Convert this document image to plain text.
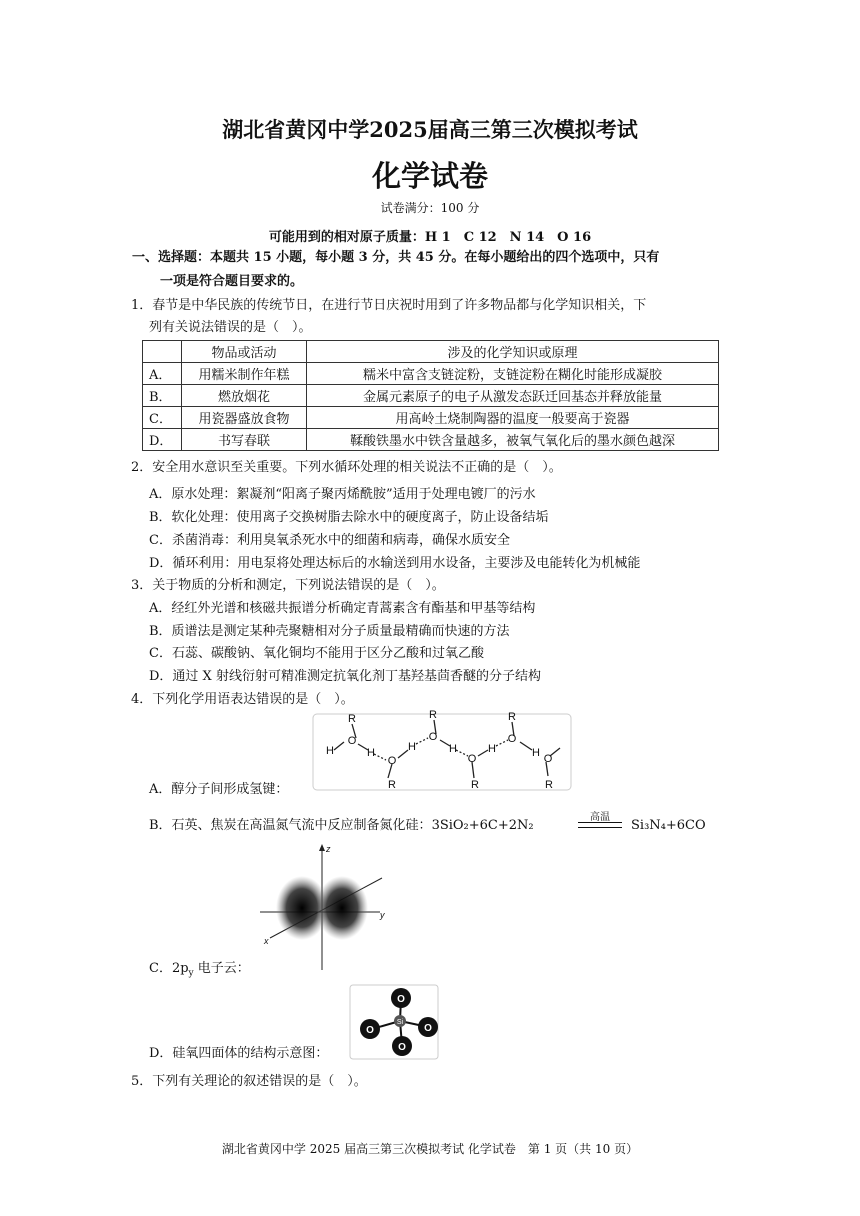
湖北省黄冈中学2025届高三第三次模拟考试
化学试卷
试卷满分：100 分
可能用到的相对原子质量：H 1　C 12　N 14　O 16
一、选择题：本题共 15 小题，每小题 3 分，共 45 分。在每小题给出的四个选项中，只有
一项是符合题目要求的。
1．春节是中华民族的传统节日，在进行节日庆祝时用到了许多物品都与化学知识相关，下
列有关说法错误的是（　）。
	物品或活动	涉及的化学知识或原理
A．	用糯米制作年糕	糯米中富含支链淀粉，支链淀粉在糊化时能形成凝胶
B．	燃放烟花	金属元素原子的电子从激发态跃迁回基态并释放能量
C．	用瓷器盛放食物	用高岭土烧制陶器的温度一般要高于瓷器
D．	书写春联	鞣酸铁墨水中铁含量越多，被氧气氧化后的墨水颜色越深
2．安全用水意识至关重要。下列水循环处理的相关说法不正确的是（　）。
A．原水处理：絮凝剂“阳离子聚丙烯酰胺”适用于处理电镀厂的污水
B．软化处理：使用离子交换树脂去除水中的硬度离子，防止设备结垢
C．杀菌消毒：利用臭氧杀死水中的细菌和病毒，确保水质安全
D．循环利用：用电泵将处理达标后的水输送到用水设备，主要涉及电能转化为机械能
3．关于物质的分析和测定，下列说法错误的是（　）。
A．经红外光谱和核磁共振谱分析确定青蒿素含有酯基和甲基等结构
B．质谱法是测定某种壳聚糖相对分子质量最精确而快速的方法
C．石蕊、碳酸钠、氧化铜均不能用于区分乙酸和过氧乙酸
D．通过 X 射线衍射可精准测定抗氧化剂丁基羟基茴香醚的分子结构
4．下列化学用语表达错误的是（　）。
H
R
O
H
O
R
H
R
O
H
O
R
H
R
O
H O
R
A．醇分子间形成氢键：
B．石英、焦炭在高温氮气流中反应制备氮化硅：3SiO₂+6C+2N₂
高温
Si₃N₄+6CO
z
y
x
C．$2p_y$ 电子云：
O
O	O
O
Si
D．硅氧四面体的结构示意图：
5．下列有关理论的叙述错误的是（　）。
湖北省黄冈中学 2025 届高三第三次模拟考试 化学试卷　第 1 页（共 10 页）
